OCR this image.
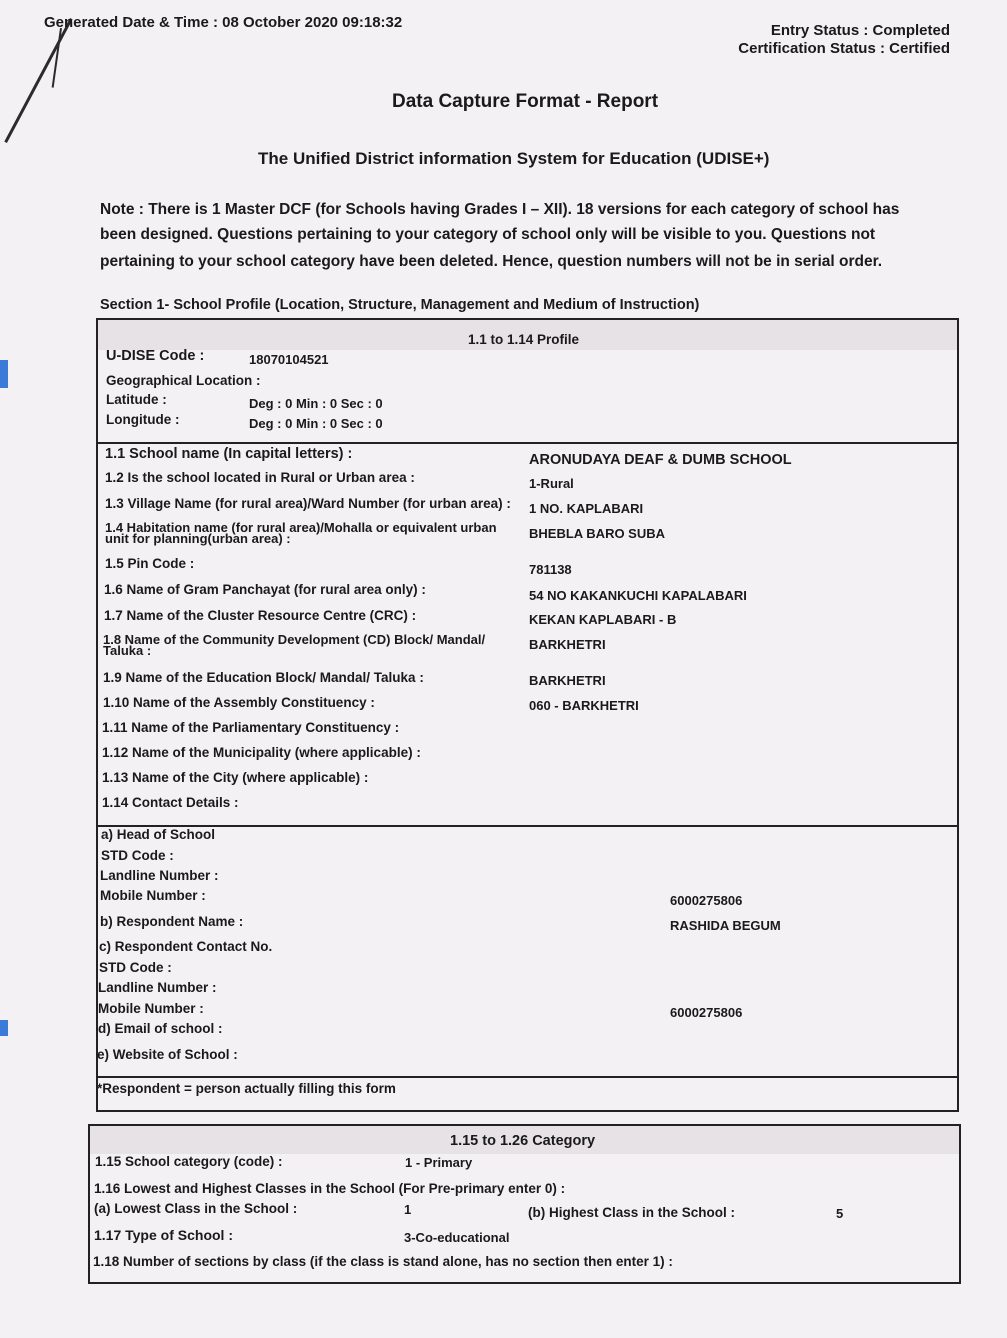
Generated Date & Time : 08 October 2020 09:18:32	Entry Status : Completed
Certification Status : Certified
Data Capture Format - Report
The Unified District information System for Education (UDISE+)
Note : There is 1 Master DCF (for Schools having Grades I – XII). 18 versions for each category of school has
been designed. Questions pertaining to your category of school only will be visible to you. Questions not
pertaining to your school category have been deleted. Hence, question numbers will not be in serial order.
Section 1- School Profile (Location, Structure, Management and Medium of Instruction)
1.1 to 1.14 Profile
U-DISE Code :	18070104521
Geographical Location :
Latitude :	Deg : 0 Min : 0 Sec : 0
Longitude :	Deg : 0 Min : 0 Sec : 0
1.1 School name (In capital letters) :	ARONUDAYA DEAF & DUMB SCHOOL
1.2 Is the school located in Rural or Urban area :	1-Rural
1.3 Village Name (for rural area)/Ward Number (for urban area) : 1 NO. KAPLABARI
1.4 Habitation name (for rural area)/Mohalla or equivalent urban unit for planning(urban area) :	BHEBLA BARO SUBA
1.5 Pin Code :	781138
1.6 Name of Gram Panchayat (for rural area only) :	54 NO KAKANKUCHI KAPALABARI
1.7 Name of the Cluster Resource Centre (CRC) :	KEKAN KAPLABARI - B
1.8 Name of the Community Development (CD) Block/ Mandal/ Taluka :	BARKHETRI
1.9 Name of the Education Block/ Mandal/ Taluka :	BARKHETRI
1.10 Name of the Assembly Constituency :	060 - BARKHETRI
1.11 Name of the Parliamentary Constituency :
1.12 Name of the Municipality (where applicable) :
1.13 Name of the City (where applicable) :
1.14 Contact Details :
a) Head of School
STD Code :
Landline Number :
Mobile Number :	6000275806
b) Respondent Name :	RASHIDA BEGUM
c) Respondent Contact No.
STD Code :
Landline Number :
Mobile Number :	6000275806
d) Email of school :
e) Website of School :
*Respondent = person actually filling this form
1.15 to 1.26 Category
1.15 School category (code) :	1 - Primary
1.16 Lowest and Highest Classes in the School (For Pre-primary enter 0) :
(a) Lowest Class in the School :	1	(b) Highest Class in the School :	5
1.17 Type of School :	3-Co-educational
1.18 Number of sections by class (if the class is stand alone, has no section then enter 1) :
